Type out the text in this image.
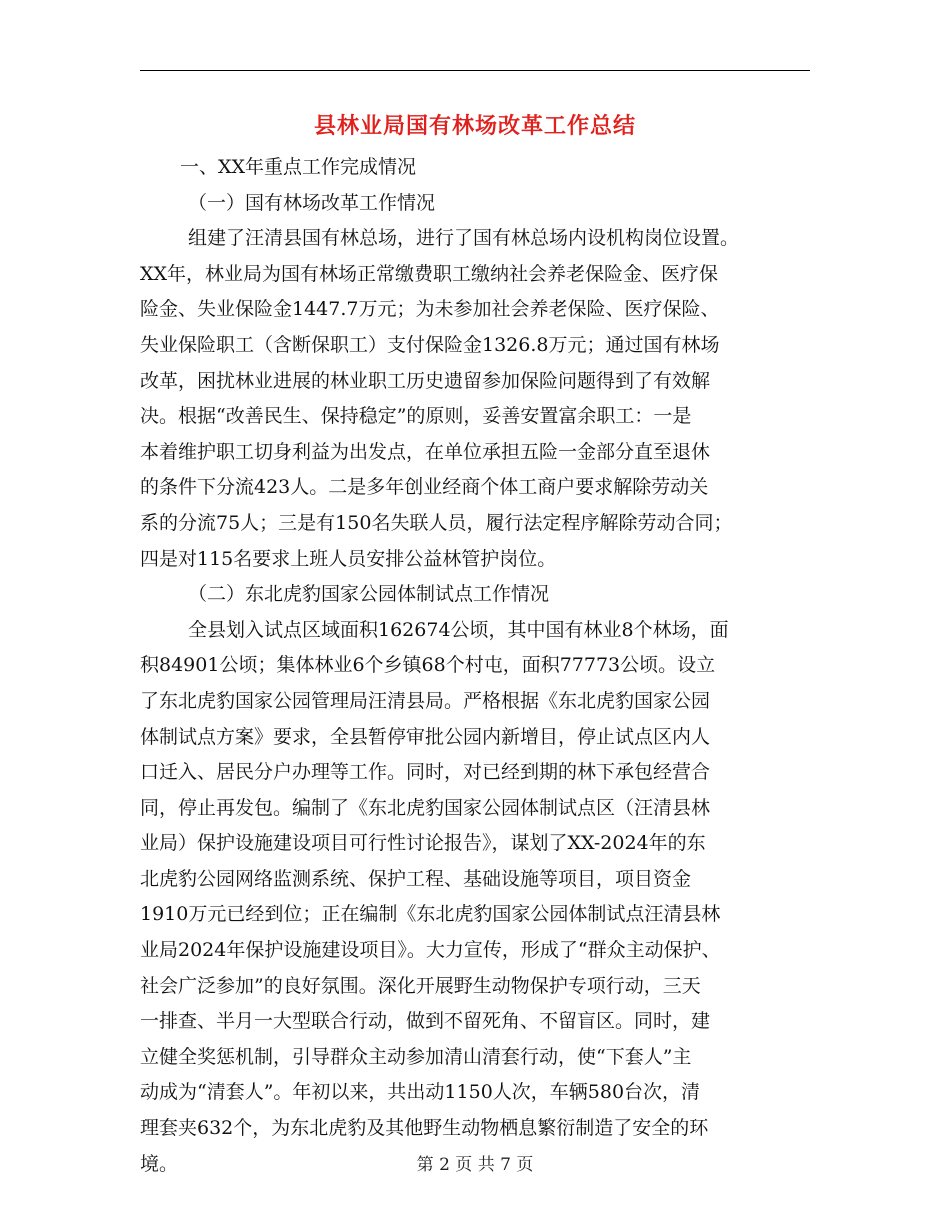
县林业局国有林场改革工作总结
一、XX年重点工作完成情况
（一）国有林场改革工作情况
组建了汪清县国有林总场，进行了国有林总场内设机构岗位设置。
XX年，林业局为国有林场正常缴费职工缴纳社会养老保险金、医疗保
险金、失业保险金1447.7万元；为未参加社会养老保险、医疗保险、
失业保险职工（含断保职工）支付保险金1326.8万元；通过国有林场
改革，困扰林业进展的林业职工历史遗留参加保险问题得到了有效解
决。根据“改善民生、保持稳定”的原则，妥善安置富余职工：一是
本着维护职工切身利益为出发点，在单位承担五险一金部分直至退休
的条件下分流423人。二是多年创业经商个体工商户要求解除劳动关
系的分流75人；三是有150名失联人员，履行法定程序解除劳动合同；
四是对115名要求上班人员安排公益林管护岗位。
（二）东北虎豹国家公园体制试点工作情况
全县划入试点区域面积162674公顷，其中国有林业8个林场，面
积84901公顷；集体林业6个乡镇68个村屯，面积77773公顷。设立
了东北虎豹国家公园管理局汪清县局。严格根据《东北虎豹国家公园
体制试点方案》要求，全县暂停审批公园内新增目，停止试点区内人
口迁入、居民分户办理等工作。同时，对已经到期的林下承包经营合
同，停止再发包。编制了《东北虎豹国家公园体制试点区（汪清县林
业局）保护设施建设项目可行性讨论报告》，谋划了XX-2024年的东
北虎豹公园网络监测系统、保护工程、基础设施等项目，项目资金
1910万元已经到位；正在编制《东北虎豹国家公园体制试点汪清县林
业局2024年保护设施建设项目》。大力宣传，形成了“群众主动保护、
社会广泛参加”的良好氛围。深化开展野生动物保护专项行动，三天
一排查、半月一大型联合行动，做到不留死角、不留盲区。同时，建
立健全奖惩机制，引导群众主动参加清山清套行动，使“下套人”主
动成为“清套人”。年初以来，共出动1150人次，车辆580台次，清
理套夹632个，为东北虎豹及其他野生动物栖息繁衍制造了安全的环
境。	第 2 页 共 7 页
